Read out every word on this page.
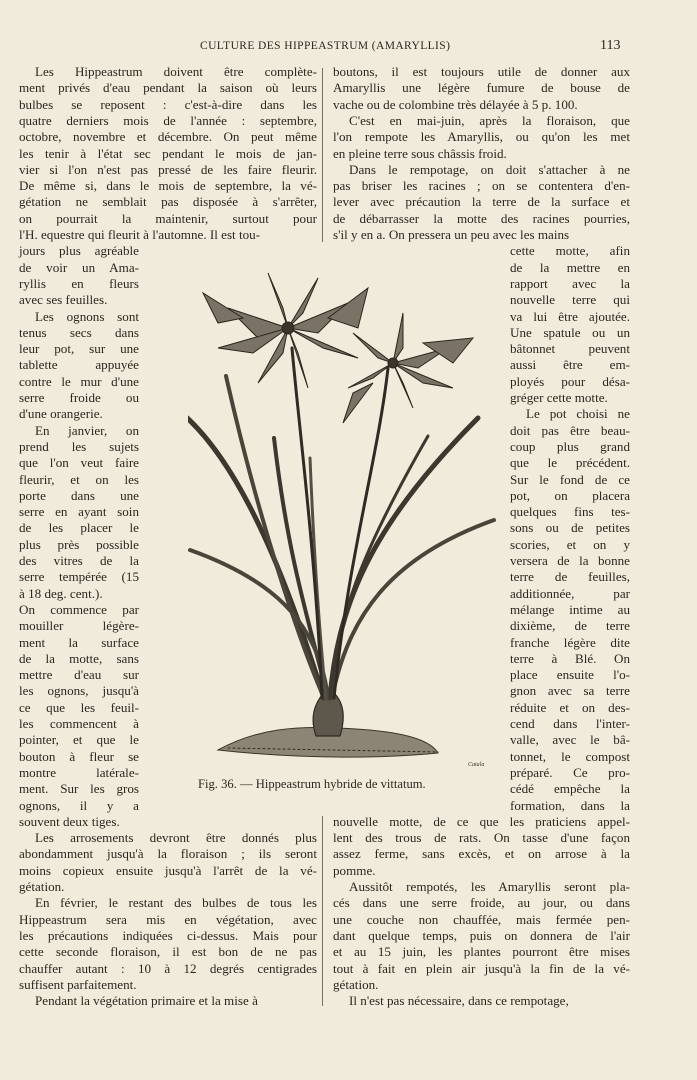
CULTURE DES HIPPEASTRUM (AMARYLLIS)	113
Les Hippeastrum doivent être complète-
ment privés d'eau pendant la saison où leurs
bulbes se reposent : c'est-à-dire dans les
quatre derniers mois de l'année : septembre,
octobre, novembre et décembre. On peut même
les tenir à l'état sec pendant le mois de jan-
vier si l'on n'est pas pressé de les faire fleurir.
De même si, dans le mois de septembre, la vé-
gétation ne semblait pas disposée à s'arrêter,
on pourrait la maintenir, surtout pour
l'H. equestre qui fleurit à l'automne. Il est tou-
jours plus agréable
de voir un Ama-
ryllis en fleurs
avec ses feuilles.
Les ognons sont
tenus secs dans
leur pot, sur une
tablette appuyée
contre le mur d'une
serre froide ou
d'une orangerie.
En janvier, on
prend les sujets
que l'on veut faire
fleurir, et on les
porte dans une
serre en ayant soin
de les placer le
plus près possible
des vitres de la
serre tempérée (15
à 18 deg. cent.).
On commence par
mouiller légère-
ment la surface
de la motte, sans
mettre d'eau sur
les ognons, jusqu'à
ce que les feuil-
les commencent à
pointer, et que le
bouton à fleur se
montre latérale-
ment. Sur les gros
ognons, il y a
souvent deux tiges.
Les arrosements devront être donnés plus
abondamment jusqu'à la floraison ; ils seront
moins copieux ensuite jusqu'à l'arrêt de la vé-
gétation.
En février, le restant des bulbes de tous les
Hippeastrum sera mis en végétation, avec
les précautions indiquées ci-dessus. Mais pour
cette seconde floraison, il est bon de ne pas
chauffer autant : 10 à 12 degrés centigrades
suffisent parfaitement.
Pendant la végétation primaire et la mise à
boutons, il est toujours utile de donner aux
Amaryllis une légère fumure de bouse de
vache ou de colombine très délayée à 5 p. 100.
C'est en mai-juin, après la floraison, que
l'on rempote les Amaryllis, ou qu'on les met
en pleine terre sous châssis froid.
Dans le rempotage, on doit s'attacher à ne
pas briser les racines ; on se contentera d'en-
lever avec précaution la terre de la surface et
de débarrasser la motte des racines pourries,
s'il y en a. On pressera un peu avec les mains
cette motte, afin
de la mettre en
rapport avec la
nouvelle terre qui
va lui être ajoutée.
Une spatule ou un
bâtonnet peuvent
aussi être em-
ployés pour désa-
gréger cette motte.
Le pot choisi ne
doit pas être beau-
coup plus grand
que le précédent.
Sur le fond de ce
pot, on placera
quelques fins tes-
sons ou de petites
scories, et on y
versera de la bonne
terre de feuilles,
additionnée, par
mélange intime au
dixième, de terre
franche légère dite
terre à Blé. On
place ensuite l'o-
gnon avec sa terre
réduite et on des-
cend dans l'inter-
valle, avec le bâ-
tonnet, le compost
préparé. Ce pro-
cédé empêche la
formation, dans la
nouvelle motte, de ce que les praticiens appel-
lent des trous de rats. On tasse d'une façon
assez ferme, sans excès, et on arrose à la
pomme.
Aussitôt rempotés, les Amaryllis seront pla-
cés dans une serre froide, au jour, ou dans
une couche non chauffée, mais fermée pen-
dant quelque temps, puis on donnera de l'air
et au 15 juin, les plantes pourront être mises
tout à fait en plein air jusqu'à la fin de la vé-
gétation.
Il n'est pas nécessaire, dans ce rempotage,
Catala
Fig. 36. — Hippeastrum hybride de vittatum.
